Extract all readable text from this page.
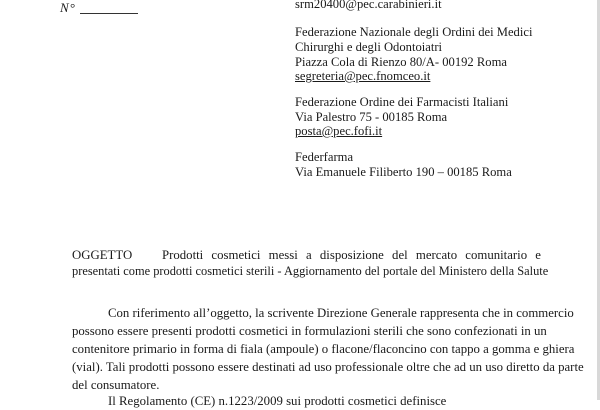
N°	srm20400@pec.carabinieri.it
Federazione Nazionale degli Ordini dei Medici
Chirurghi e degli Odontoiatri
Piazza Cola di Rienzo 80/A- 00192 Roma
segreteria@pec.fnomceo.it
Federazione Ordine dei Farmacisti Italiani
Via Palestro 75 - 00185 Roma
posta@pec.fofi.it
Federfarma
Via Emanuele Filiberto 190 – 00185 Roma
OGGETTO Prodotti cosmetici messi a disposizione del mercato comunitario e
presentati come prodotti cosmetici sterili - Aggiornamento del portale del Ministero della Salute
Con riferimento all’oggetto, la scrivente Direzione Generale rappresenta che in commercio
possono essere presenti prodotti cosmetici in formulazioni sterili che sono confezionati in un
contenitore primario in forma di fiala (ampoule) o flacone/flaconcino con tappo a gomma e ghiera
(vial). Tali prodotti possono essere destinati ad uso professionale oltre che ad un uso diretto da parte
del consumatore.
Il Regolamento (CE) n.1223/2009 sui prodotti cosmetici definisce
